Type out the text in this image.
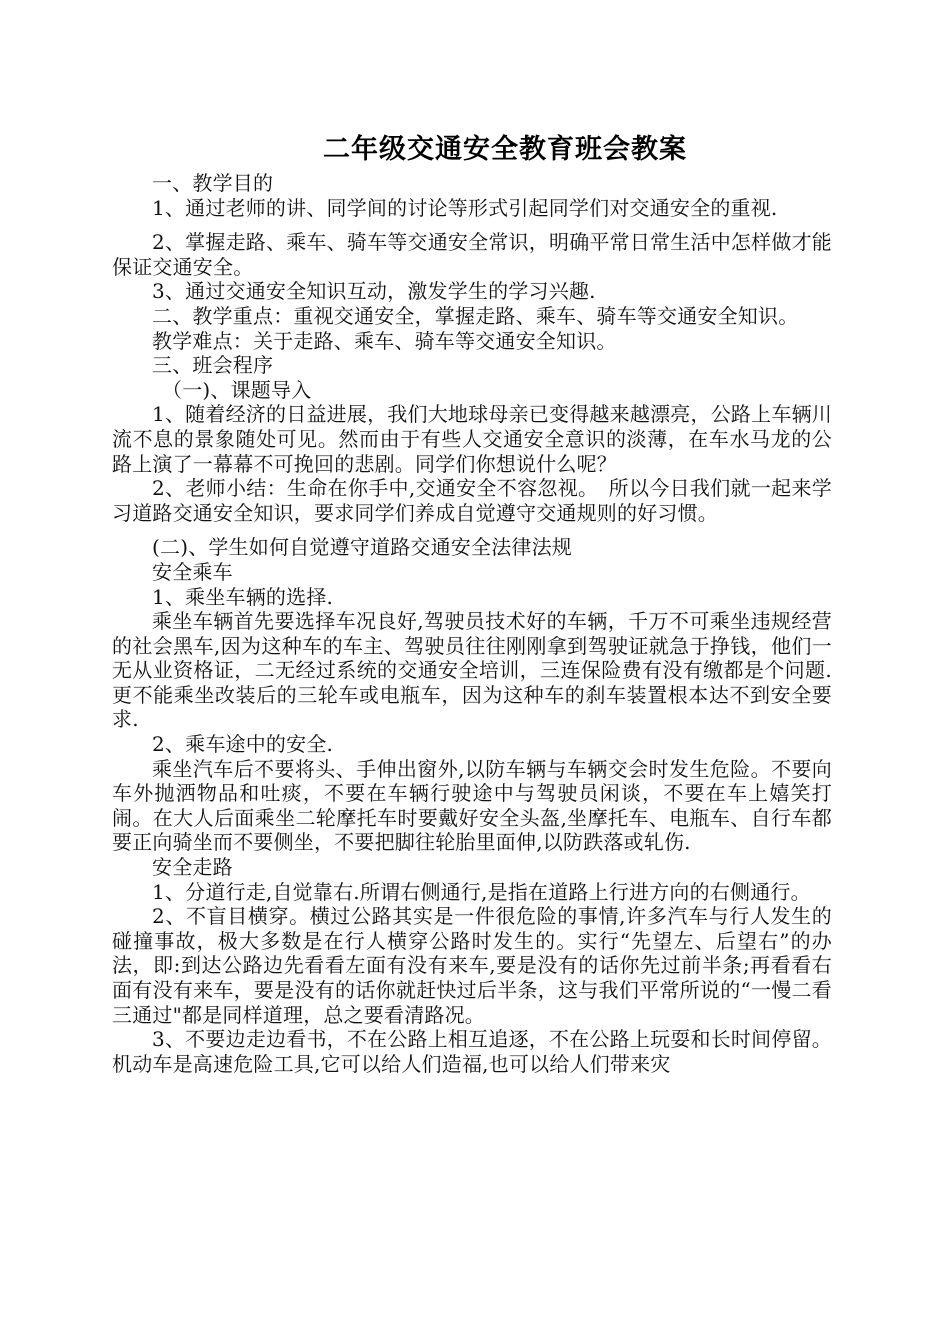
二年级交通安全教育班会教案

一、教学目的

1、通过老师的讲、同学间的讨论等形式引起同学们对交通安全的重视.

2、掌握走路、乘车、骑车等交通安全常识，明确平常日常生活中怎样做才能保证交通安全。

3、通过交通安全知识互动，激发学生的学习兴趣.

二、教学重点：重视交通安全，掌握走路、乘车、骑车等交通安全知识。

教学难点：关于走路、乘车、骑车等交通安全知识。

三、班会程序

（一)、课题导入

1、随着经济的日益进展，我们大地球母亲已变得越来越漂亮，公路上车辆川流不息的景象随处可见。然而由于有些人交通安全意识的淡薄，在车水马龙的公路上演了一幕幕不可挽回的悲剧。同学们你想说什么呢？

2、老师小结：生命在你手中,交通安全不容忽视。　所以今日我们就一起来学习道路交通安全知识，要求同学们养成自觉遵守交通规则的好习惯。

(二)、学生如何自觉遵守道路交通安全法律法规

安全乘车

1、乘坐车辆的选择.

乘坐车辆首先要选择车况良好,驾驶员技术好的车辆，千万不可乘坐违规经营的社会黑车,因为这种车的车主、驾驶员往往刚刚拿到驾驶证就急于挣钱，他们一无从业资格证，二无经过系统的交通安全培训，三连保险费有没有缴都是个问题.更不能乘坐改装后的三轮车或电瓶车，因为这种车的刹车装置根本达不到安全要求.

2、乘车途中的安全.

乘坐汽车后不要将头、手伸出窗外,以防车辆与车辆交会时发生危险。不要向车外抛洒物品和吐痰，不要在车辆行驶途中与驾驶员闲谈，不要在车上嬉笑打闹。在大人后面乘坐二轮摩托车时要戴好安全头盔,坐摩托车、电瓶车、自行车都要正向骑坐而不要侧坐，不要把脚往轮胎里面伸,以防跌落或轧伤.

安全走路

1、分道行走,自觉靠右.所谓右侧通行,是指在道路上行进方向的右侧通行。

2、不盲目横穿。横过公路其实是一件很危险的事情,许多汽车与行人发生的碰撞事故，极大多数是在行人横穿公路时发生的。实行“先望左、后望右”的办法，即:到达公路边先看看左面有没有来车,要是没有的话你先过前半条;再看看右面有没有来车，要是没有的话你就赶快过后半条，这与我们平常所说的“一慢二看三通过"都是同样道理，总之要看清路况。

3、不要边走边看书，不在公路上相互追逐，不在公路上玩耍和长时间停留。机动车是高速危险工具,它可以给人们造福,也可以给人们带来灾
